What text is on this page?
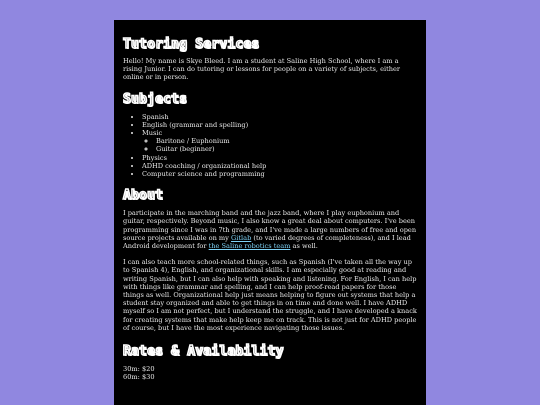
Tutoring Services

Hello! My name is Skye Bleed. I am a student at Saline High School, where I am a rising Junior. I can do tutoring or lessons for people on a variety of subjects, either online or in person.

Subjects
• Spanish
• English (grammar and spelling)
• Music
◦ Baritone / Euphonium
◦ Guitar (beginner)
• Physics
• ADHD coaching / organizational help
• Computer science and programming
About

I participate in the marching band and the jazz band, where I play euphonium and guitar, respectively. Beyond music, I also know a great deal about computers. I've been programming since I was in 7th grade, and I've made a large numbers of free and open source projects available on my Gitlab (to varied degrees of completeness), and I lead Android development for the Saline robotics team as well.

I can also teach more school-related things, such as Spanish (I've taken all the way up to Spanish 4), English, and organizational skills. I am especially good at reading and writing Spanish, but I can also help with speaking and listening. For English, I can help with things like grammar and spelling, and I can help proof-read papers for those things as well. Organizational help just means helping to figure out systems that help a student stay organized and able to get things in on time and done well. I have ADHD myself so I am not perfect, but I understand the struggle, and I have developed a knack for creating systems that make help keep me on track. This is not just for ADHD people of course, but I have the most experience navigating those issues.

Rates & Availability

30m: $20

60m: $30
